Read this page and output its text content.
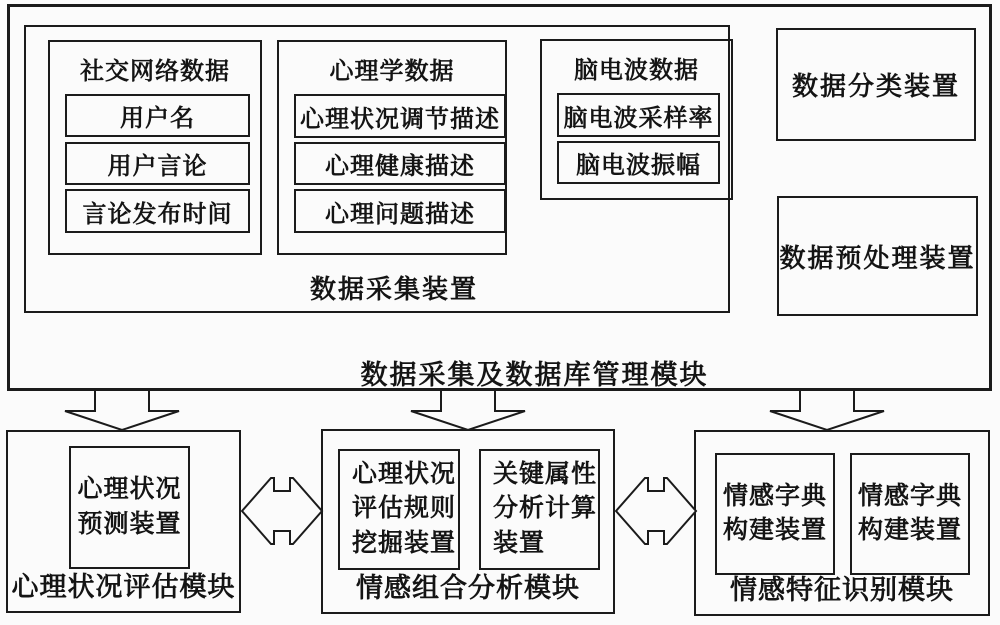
社交网络数据
用户名
用户言论
言论发布时间
心理学数据
心理状况调节描述
心理健康描述
心理问题描述
脑电波数据
脑电波采样率
脑电波振幅
数据采集装置
数据分类装置
数据预处理装置
数据采集及数据库管理模块
心理状况
预测装置
心理状况评估模块
心理状况
评估规则
挖掘装置
关键属性
分析计算
装置
情感组合分析模块
情感字典
构建装置
情感字典
构建装置
情感特征识别模块
